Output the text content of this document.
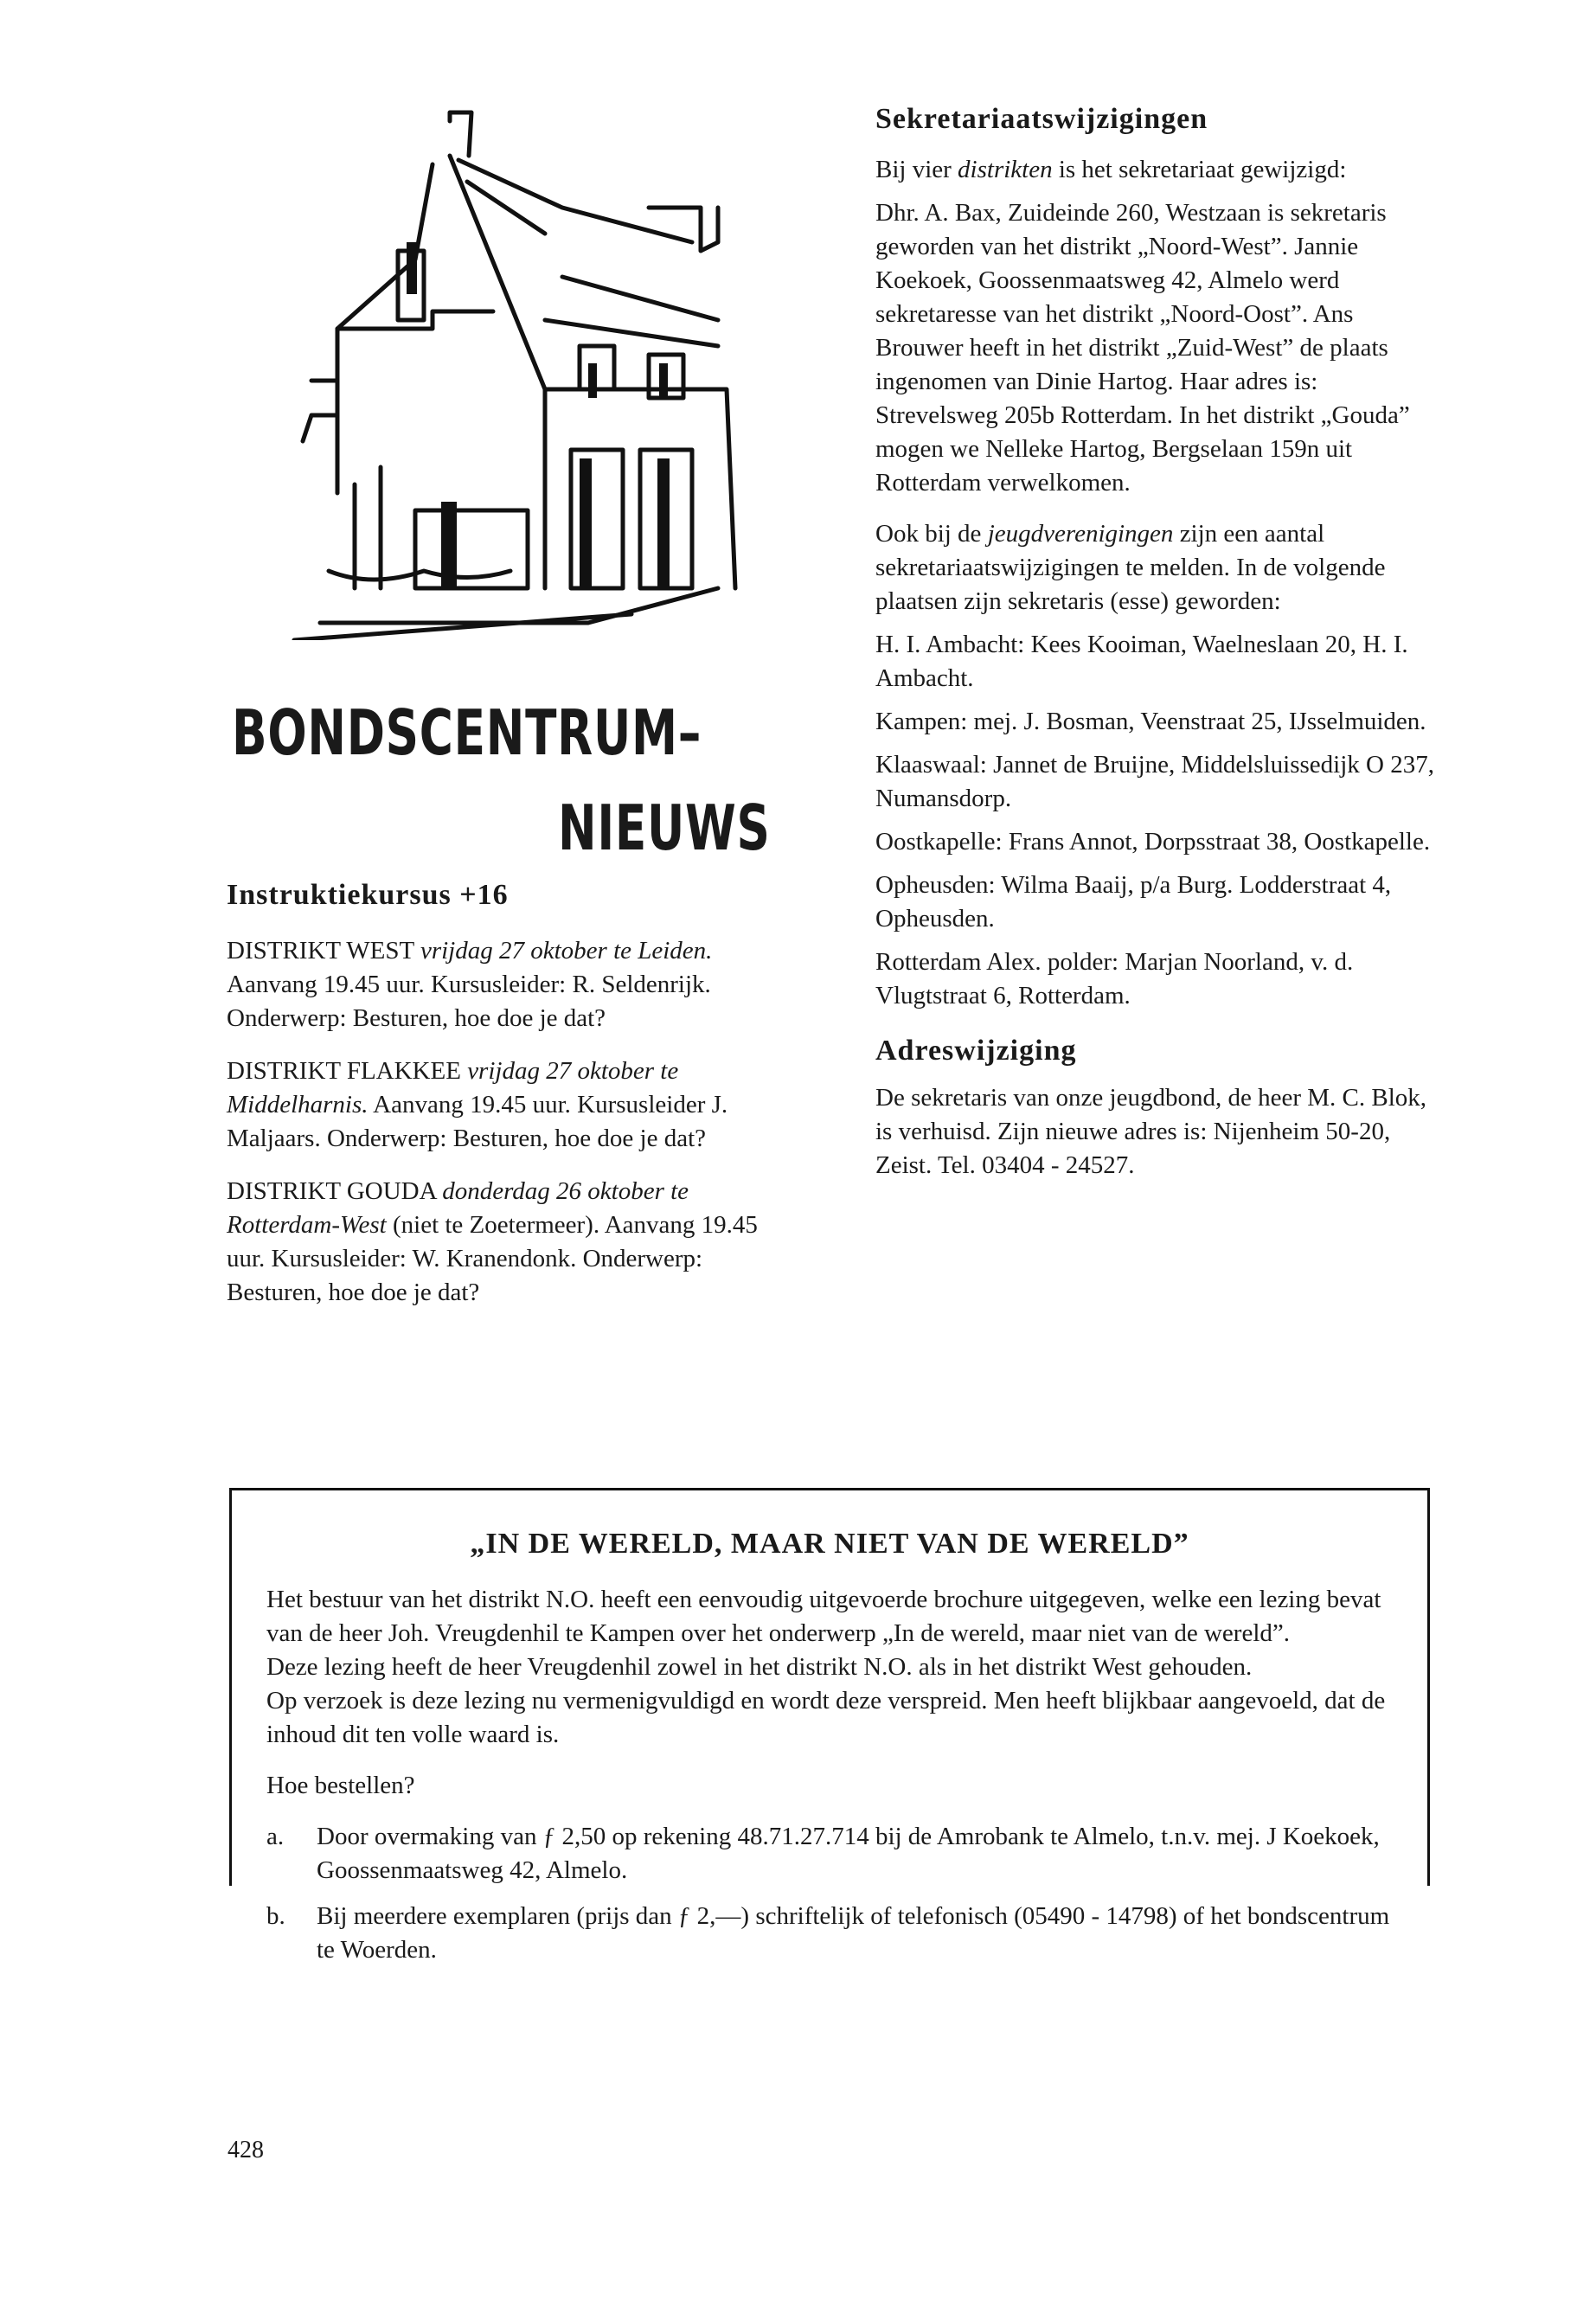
BONDSCENTRUM–
NIEUWS
Instruktiekursus +16

DISTRIKT WEST vrijdag 27 oktober te Leiden. Aanvang 19.45 uur. Kursusleider: R. Seldenrijk. Onderwerp: Besturen, hoe doe je dat?

DISTRIKT FLAKKEE vrijdag 27 oktober te Middelharnis. Aanvang 19.45 uur. Kursusleider J. Maljaars. Onderwerp: Besturen, hoe doe je dat?

DISTRIKT GOUDA donderdag 26 oktober te Rotterdam-West (niet te Zoetermeer). Aanvang 19.45 uur. Kursusleider: W. Kranendonk. Onderwerp: Besturen, hoe doe je dat?

Sekretariaatswijzigingen

Bij vier distrikten is het sekretariaat gewijzigd:

Dhr. A. Bax, Zuideinde 260, Westzaan is sekretaris geworden van het distrikt „Noord-West”. Jannie Koekoek, Goossenmaatsweg 42, Almelo werd sekretaresse van het distrikt „Noord-Oost”. Ans Brouwer heeft in het distrikt „Zuid-West” de plaats ingenomen van Dinie Hartog. Haar adres is: Strevelsweg 205b Rotterdam. In het distrikt „Gouda” mogen we Nelleke Hartog, Bergselaan 159n uit Rotterdam verwelkomen.

Ook bij de jeugdverenigingen zijn een aantal sekretariaatswijzigingen te melden. In de volgende plaatsen zijn sekretaris (esse) geworden:

H. I. Ambacht: Kees Kooiman, Waelneslaan 20, H. I. Ambacht.

Kampen: mej. J. Bosman, Veenstraat 25, IJsselmuiden.

Klaaswaal: Jannet de Bruijne, Middelsluissedijk O 237, Numansdorp.

Oostkapelle: Frans Annot, Dorpsstraat 38, Oostkapelle.

Opheusden: Wilma Baaij, p/a Burg. Lodderstraat 4, Opheusden.

Rotterdam Alex. polder: Marjan Noorland, v. d. Vlugtstraat 6, Rotterdam.

Adreswijziging

De sekretaris van onze jeugdbond, de heer M. C. Blok, is verhuisd. Zijn nieuwe adres is: Nijenheim 50-20, Zeist. Tel. 03404 - 24527.

„IN DE WERELD, MAAR NIET VAN DE WERELD”

Het bestuur van het distrikt N.O. heeft een eenvoudig uitgevoerde brochure uitgegeven, welke een lezing bevat van de heer Joh. Vreugdenhil te Kampen over het onderwerp „In de wereld, maar niet van de wereld”.

Deze lezing heeft de heer Vreugdenhil zowel in het distrikt N.O. als in het distrikt West gehouden.

Op verzoek is deze lezing nu vermenigvuldigd en wordt deze verspreid. Men heeft blijkbaar aangevoeld, dat de inhoud dit ten volle waard is.

Hoe bestellen?

a.	Door overmaking van ƒ 2,50 op rekening 48.71.27.714 bij de Amrobank te Almelo, t.n.v. mej. J Koekoek, Goossenmaatsweg 42, Almelo.
b.	Bij meerdere exemplaren (prijs dan ƒ 2,—) schriftelijk of telefonisch (05490 - 14798) of het bondscentrum te Woerden.
428
